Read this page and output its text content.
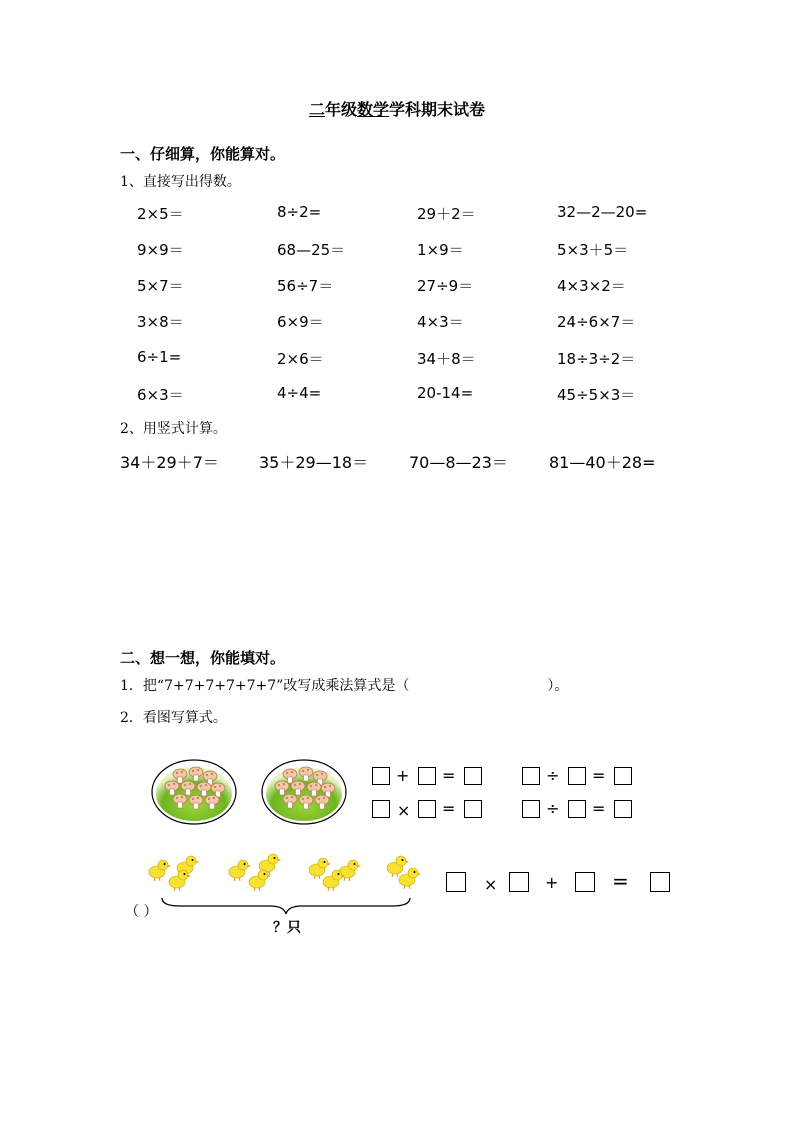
二年级数学学科期末试卷
一、仔细算，你能算对。
1、直接写出得数。
2×5＝	8÷2=	29＋2＝	32—2—20=
9×9＝	68—25＝	1×9＝	5×3＋5＝
5×7＝	56÷7＝	27÷9＝	4×3×2＝
3×8＝	6×9＝	4×3＝	24÷6×7＝
6÷1=	2×6＝	34＋8＝	18÷3÷2＝
6×3＝	4÷4=	20-14=	45÷5×3＝
2、用竖式计算。
34＋29＋7＝	35＋29—18＝	70—8—23＝	81—40＋28=
二、想一想，你能填对。
1．把“7+7+7+7+7+7”改写成乘法算式是（	）。
2．看图写算式。
+ =	÷ =
× =	÷ =
（ ）
？只
×	+	=
